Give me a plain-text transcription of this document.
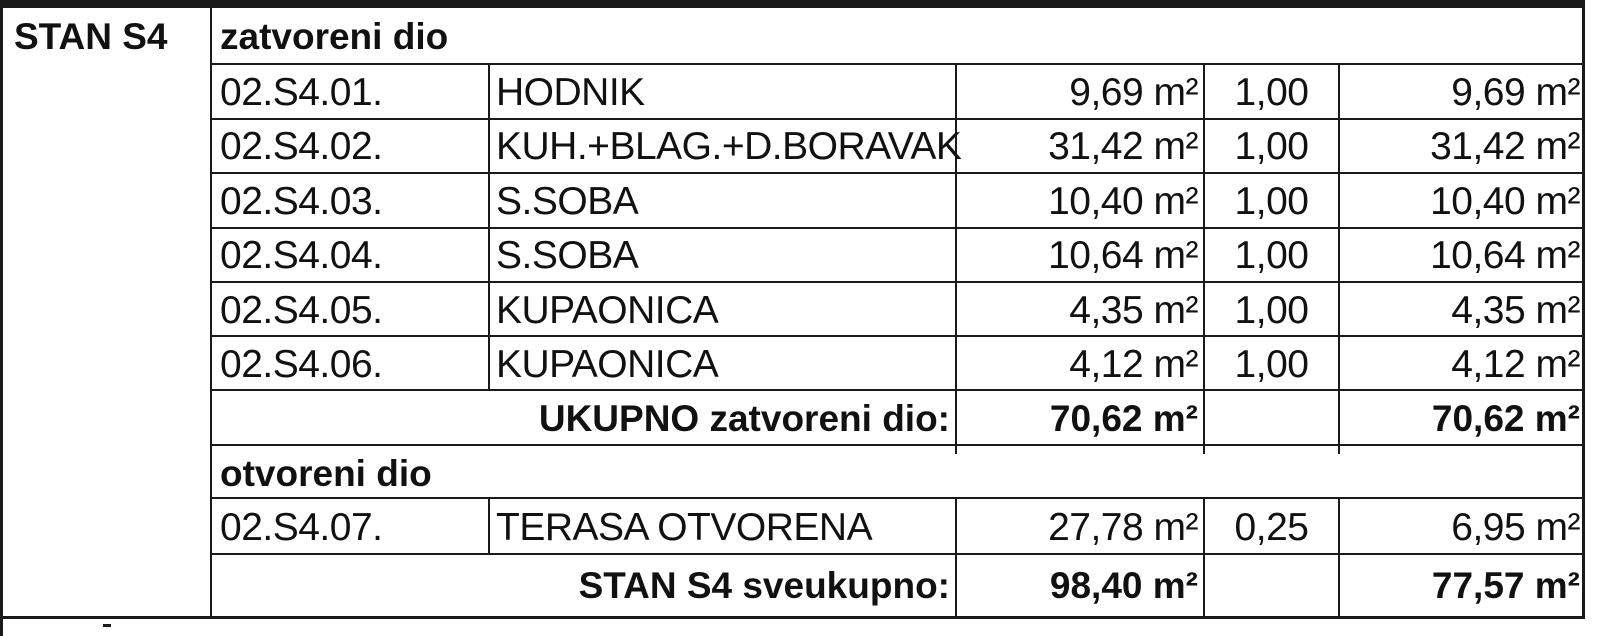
STAN S4 zatvoreni dio
02.S4.01.	HODNIK	9,69 m² 1,00	9,69 m²
02.S4.02.	KUH.+BLAG.+D.BORAVAK	31,42 m² 1,00	31,42 m²
02.S4.03.	S.SOBA	10,40 m² 1,00	10,40 m²
02.S4.04.	S.SOBA	10,64 m² 1,00	10,64 m²
02.S4.05.	KUPAONICA	4,35 m² 1,00	4,35 m²
02.S4.06.	KUPAONICA	4,12 m² 1,00	4,12 m²
UKUPNO zatvoreni dio:	70,62 m²	70,62 m²
otvoreni dio
02.S4.07.	TERASA OTVORENA	27,78 m² 0,25	6,95 m²
STAN S4 sveukupno:	98,40 m²	77,57 m²
